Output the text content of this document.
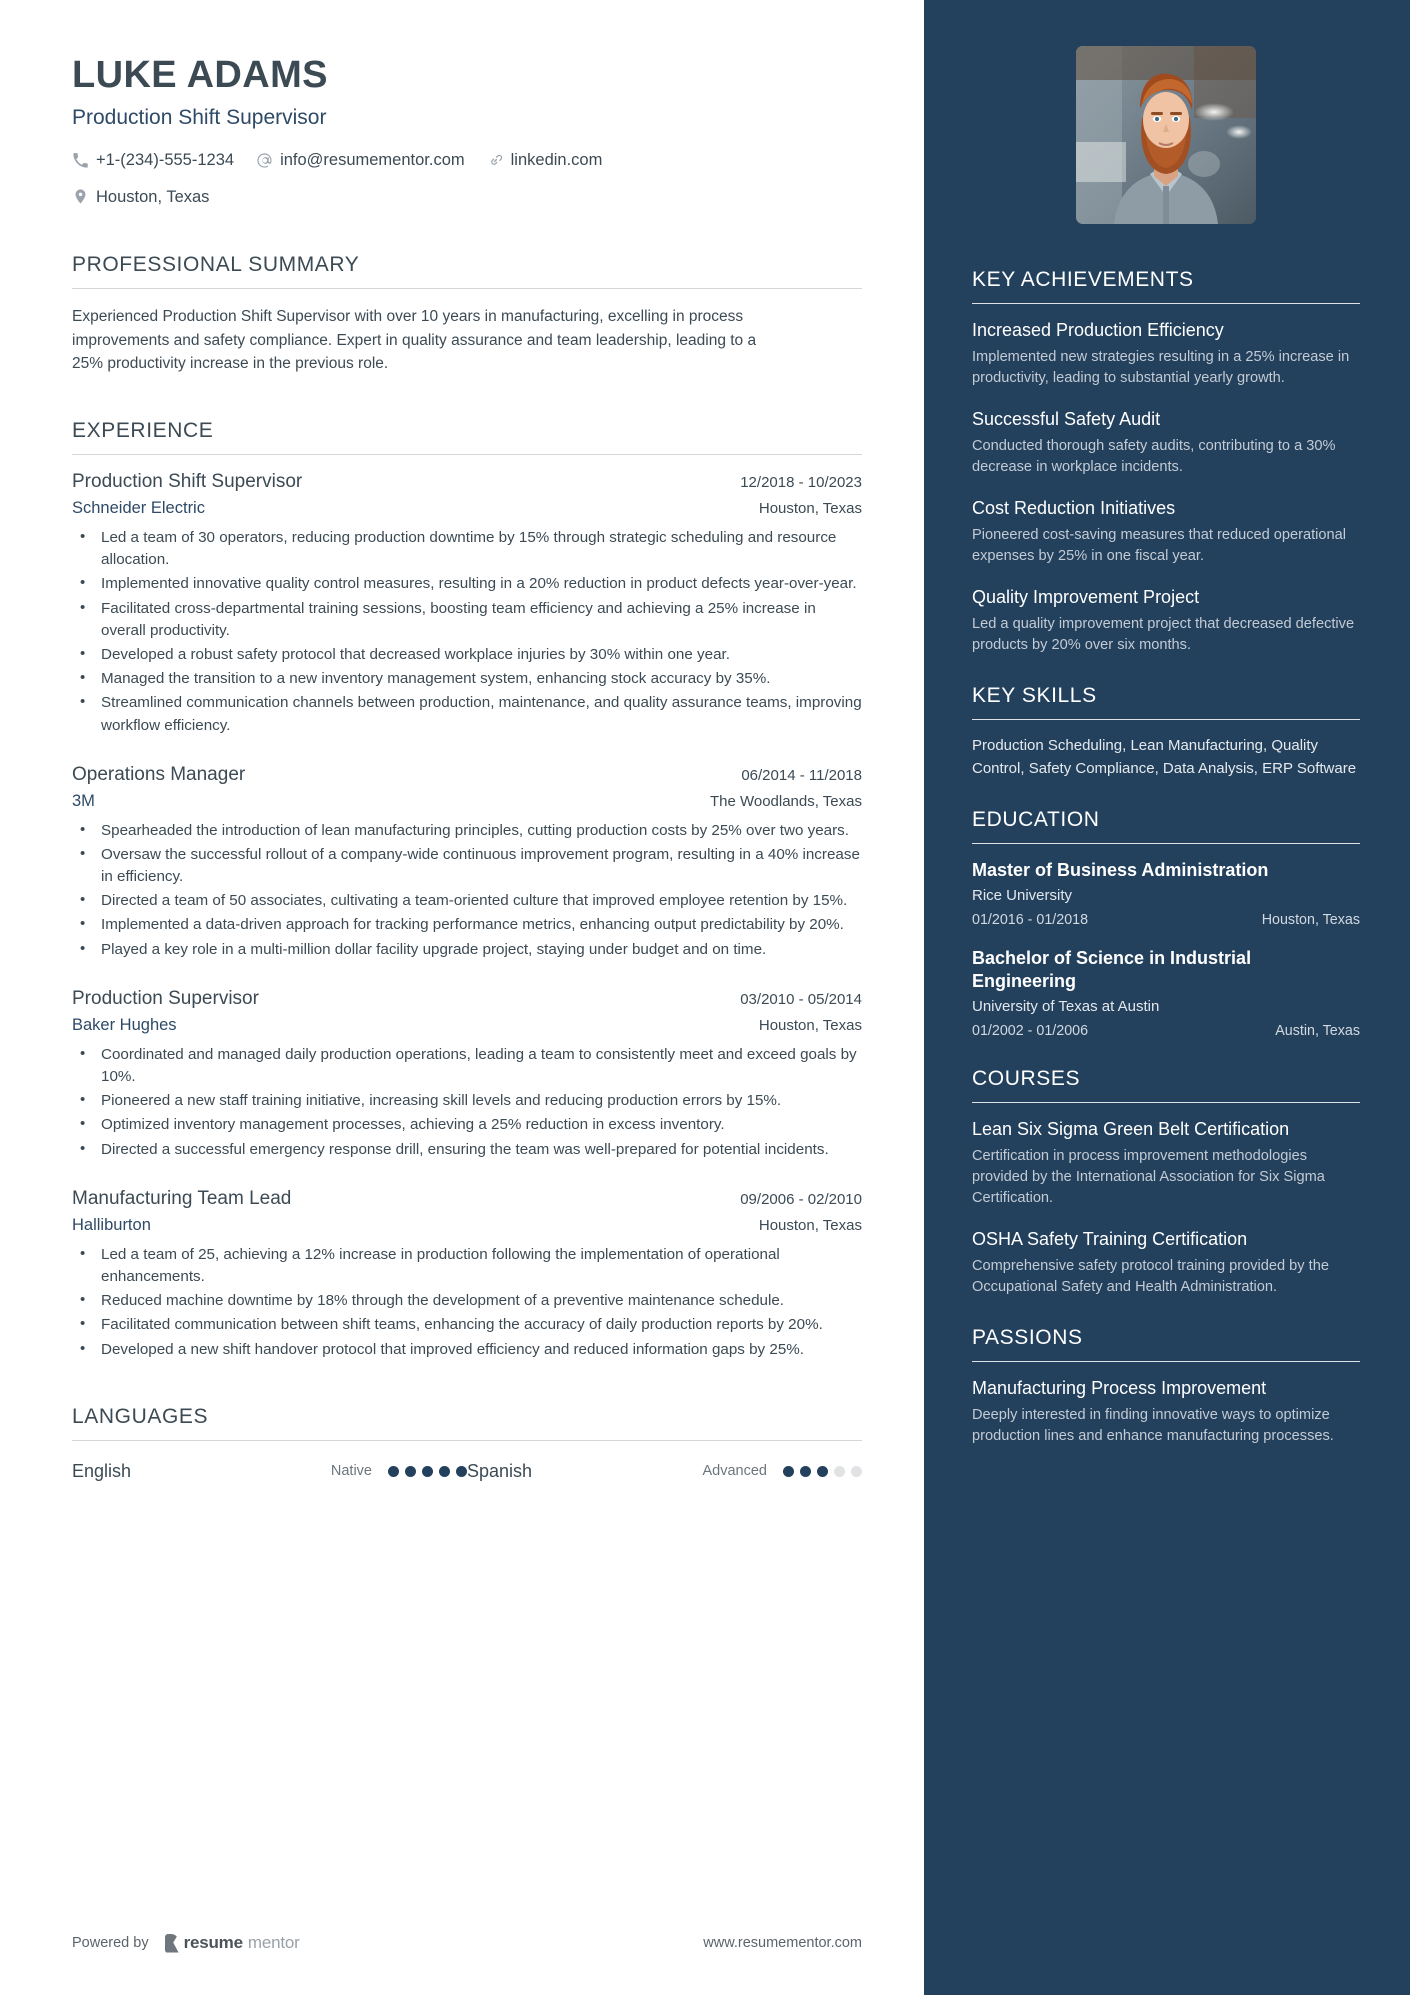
LUKE ADAMS
Production Shift Supervisor
+1-(234)-555-1234	info@resumementor.com	linkedin.com
Houston, Texas
PROFESSIONAL SUMMARY
Experienced Production Shift Supervisor with over 10 years in manufacturing, excelling in process improvements and safety compliance. Expert in quality assurance and team leadership, leading to a 25% productivity increase in the previous role.
EXPERIENCE
Production Shift Supervisor	12/2018 - 10/2023
Schneider Electric	Houston, Texas
• Led a team of 30 operators, reducing production downtime by 15% through strategic scheduling and resource allocation.
• Implemented innovative quality control measures, resulting in a 20% reduction in product defects year-over-year.
• Facilitated cross-departmental training sessions, boosting team efficiency and achieving a 25% increase in overall productivity.
• Developed a robust safety protocol that decreased workplace injuries by 30% within one year.
• Managed the transition to a new inventory management system, enhancing stock accuracy by 35%.
• Streamlined communication channels between production, maintenance, and quality assurance teams, improving workflow efficiency.
Operations Manager	06/2014 - 11/2018
3M	The Woodlands, Texas
• Spearheaded the introduction of lean manufacturing principles, cutting production costs by 25% over two years.
• Oversaw the successful rollout of a company-wide continuous improvement program, resulting in a 40% increase in efficiency.
• Directed a team of 50 associates, cultivating a team-oriented culture that improved employee retention by 15%.
• Implemented a data-driven approach for tracking performance metrics, enhancing output predictability by 20%.
• Played a key role in a multi-million dollar facility upgrade project, staying under budget and on time.
Production Supervisor	03/2010 - 05/2014
Baker Hughes	Houston, Texas
• Coordinated and managed daily production operations, leading a team to consistently meet and exceed goals by 10%.
• Pioneered a new staff training initiative, increasing skill levels and reducing production errors by 15%.
• Optimized inventory management processes, achieving a 25% reduction in excess inventory.
• Directed a successful emergency response drill, ensuring the team was well-prepared for potential incidents.
Manufacturing Team Lead	09/2006 - 02/2010
Halliburton	Houston, Texas
• Led a team of 25, achieving a 12% increase in production following the implementation of operational enhancements.
• Reduced machine downtime by 18% through the development of a preventive maintenance schedule.
• Facilitated communication between shift teams, enhancing the accuracy of daily production reports by 20%.
• Developed a new shift handover protocol that improved efficiency and reduced information gaps by 25%.
LANGUAGES
English	Native	Spanish	Advanced
Powered by resume mentor	www.resumementor.com
KEY ACHIEVEMENTS
Increased Production Efficiency
Implemented new strategies resulting in a 25% increase in productivity, leading to substantial yearly growth.
Successful Safety Audit
Conducted thorough safety audits, contributing to a 30% decrease in workplace incidents.
Cost Reduction Initiatives
Pioneered cost-saving measures that reduced operational expenses by 25% in one fiscal year.
Quality Improvement Project
Led a quality improvement project that decreased defective products by 20% over six months.
KEY SKILLS
Production Scheduling, Lean Manufacturing, Quality Control, Safety Compliance, Data Analysis, ERP Software
EDUCATION
Master of Business Administration
Rice University
01/2016 - 01/2018	Houston, Texas
Bachelor of Science in Industrial Engineering
University of Texas at Austin
01/2002 - 01/2006	Austin, Texas
COURSES
Lean Six Sigma Green Belt Certification
Certification in process improvement methodologies provided by the International Association for Six Sigma Certification.
OSHA Safety Training Certification
Comprehensive safety protocol training provided by the Occupational Safety and Health Administration.
PASSIONS
Manufacturing Process Improvement
Deeply interested in finding innovative ways to optimize production lines and enhance manufacturing processes.
